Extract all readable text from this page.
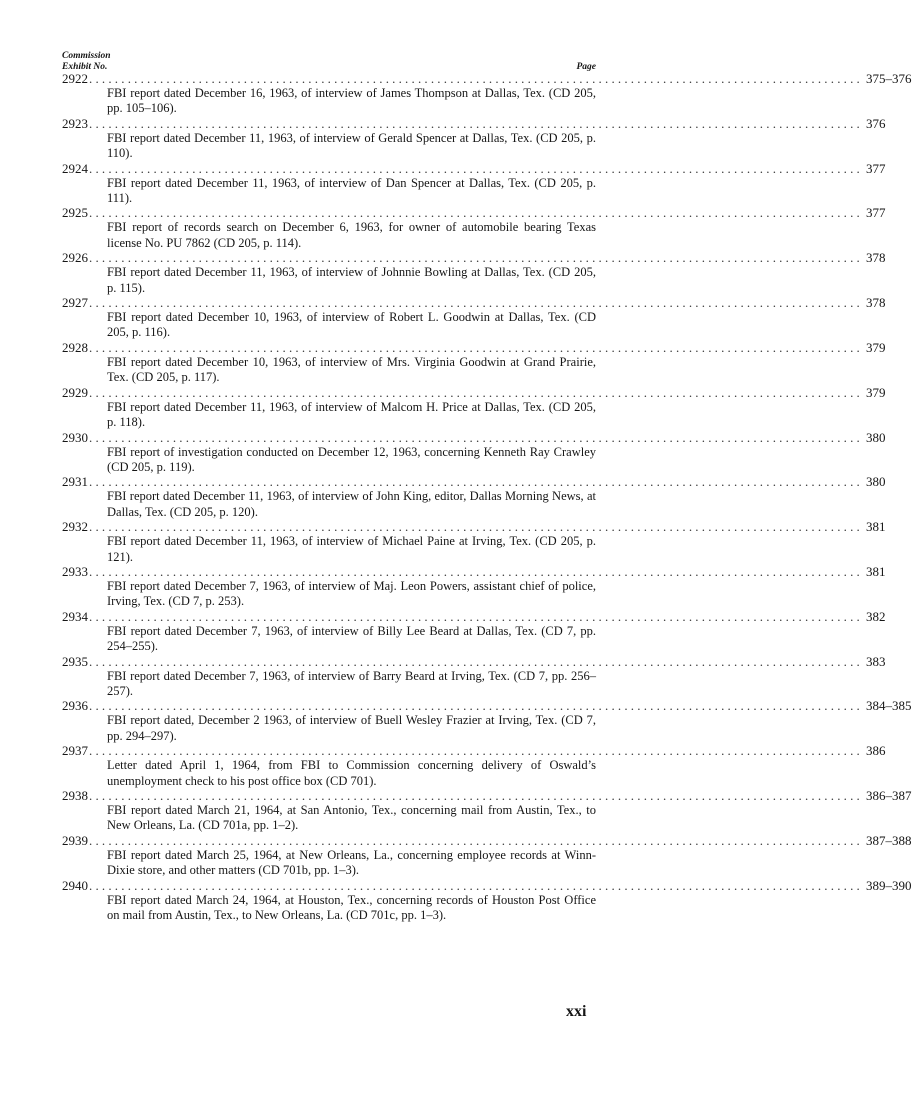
Commission
Exhibit No.	Page
2922 ........................................................................................................................ 375–376
FBI report dated December 16, 1963, of interview of James Thompson at Dallas, Tex. (CD 205, pp. 105–106).
2923 ........................................................................................................................ 376
FBI report dated December 11, 1963, of interview of Gerald Spencer at Dallas, Tex. (CD 205, p. 110).
2924 ........................................................................................................................ 377
FBI report dated December 11, 1963, of interview of Dan Spencer at Dallas, Tex. (CD 205, p. 111).
2925 ........................................................................................................................ 377
FBI report of records search on December 6, 1963, for owner of automobile bearing Texas license No. PU 7862 (CD 205, p. 114).
2926 ........................................................................................................................ 378
FBI report dated December 11, 1963, of interview of Johnnie Bowling at Dallas, Tex. (CD 205, p. 115).
2927 ........................................................................................................................ 378
FBI report dated December 10, 1963, of interview of Robert L. Goodwin at Dallas, Tex. (CD 205, p. 116).
2928 ........................................................................................................................ 379
FBI report dated December 10, 1963, of interview of Mrs. Virginia Goodwin at Grand Prairie, Tex. (CD 205, p. 117).
2929 ........................................................................................................................ 379
FBI report dated December 11, 1963, of interview of Malcom H. Price at Dallas, Tex. (CD 205, p. 118).
2930 ........................................................................................................................ 380
FBI report of investigation conducted on December 12, 1963, concerning Kenneth Ray Crawley (CD 205, p. 119).
2931 ........................................................................................................................ 380
FBI report dated December 11, 1963, of interview of John King, editor, Dallas Morning News, at Dallas, Tex. (CD 205, p. 120).
2932 ........................................................................................................................ 381
FBI report dated December 11, 1963, of interview of Michael Paine at Irving, Tex. (CD 205, p. 121).
2933 ........................................................................................................................ 381
FBI report dated December 7, 1963, of interview of Maj. Leon Powers, assistant chief of police, Irving, Tex. (CD 7, p. 253).
2934 ........................................................................................................................ 382
FBI report dated December 7, 1963, of interview of Billy Lee Beard at Dallas, Tex. (CD 7, pp. 254–255).
2935 ........................................................................................................................ 383
FBI report dated December 7, 1963, of interview of Barry Beard at Irving, Tex. (CD 7, pp. 256–257).
2936 ........................................................................................................................ 384–385
FBI report dated, December 2 1963, of interview of Buell Wesley Frazier at Irving, Tex. (CD 7, pp. 294–297).
2937 ........................................................................................................................ 386
Letter dated April 1, 1964, from FBI to Commission concerning delivery of Oswald’s unemployment check to his post office box (CD 701).
2938 ........................................................................................................................ 386–387
FBI report dated March 21, 1964, at San Antonio, Tex., concerning mail from Austin, Tex., to New Orleans, La. (CD 701a, pp. 1–2).
2939 ........................................................................................................................ 387–388
FBI report dated March 25, 1964, at New Orleans, La., concerning employee records at Winn-Dixie store, and other matters (CD 701b, pp. 1–3).
2940 ........................................................................................................................ 389–390
FBI report dated March 24, 1964, at Houston, Tex., concerning records of Houston Post Office on mail from Austin, Tex., to New Orleans, La. (CD 701c, pp. 1–3).
xxi
